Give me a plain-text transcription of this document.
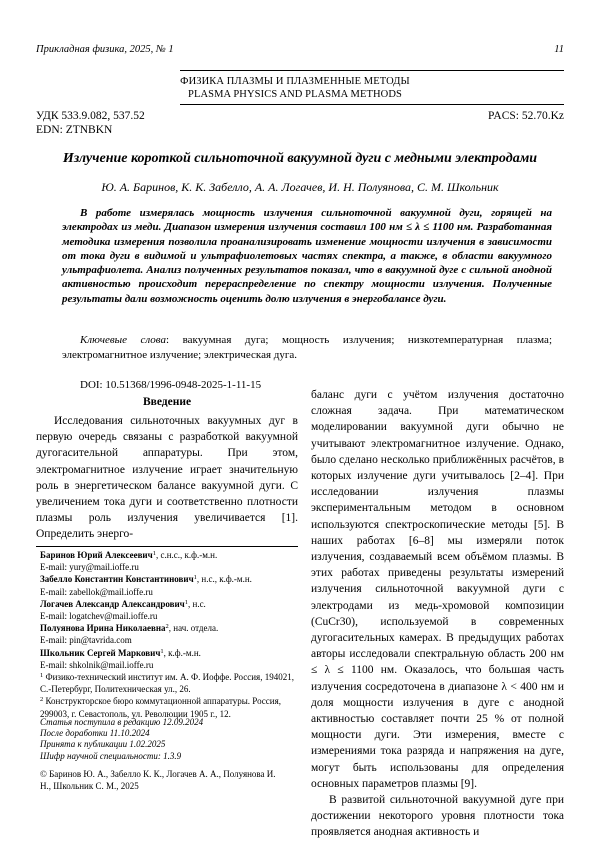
Прикладная физика, 2025, № 1	11
ФИЗИКА ПЛАЗМЫ И ПЛАЗМЕННЫЕ МЕТОДЫ
PLASMA PHYSICS AND PLASMA METHODS
УДК 533.9.082, 537.52
EDN: ZTNBKN
PACS: 52.70.Kz
Излучение короткой сильноточной вакуумной дуги с медными электродами
Ю. А. Баринов, К. К. Забелло, А. А. Логачев, И. Н. Полуянова, С. М. Школьник

В работе измерялась мощность излучения сильноточной вакуумной дуги, горящей на электродах из меди. Диапазон измерения излучения составил 100 нм ≤ λ ≤ 1100 нм. Разработанная методика измерения позволила проанализировать изменение мощности излучения в зависимости от тока дуги в видимой и ультрафиолетовых частях спектра, а также, в области вакуумного ультрафиолета. Анализ полученных результатов показал, что в вакуумной дуге с сильной анодной активностью происходит перераспределение по спектру мощности излучения. Полученные результаты дали возможность оценить долю излучения в энергобалансе дуги.

Ключевые слова: вакуумная дуга; мощность излучения; низкотемпературная плазма; электромагнитное излучение; электрическая дуга.

DOI: 10.51368/1996-0948-2025-1-11-15
Введение

Исследования сильноточных вакуумных дуг в первую очередь связаны с разработкой вакуумной дугогасительной аппаратуры. При этом, электромагнитное излучение играет значительную роль в энергетическом балансе вакуумной дуги. С увеличением тока дуги и соответственно плотности плазмы роль излучения увеличивается [1]. Определить энерго-

баланс дуги с учётом излучения достаточно сложная задача. При математическом моделировании вакуумной дуги обычно не учитывают электромагнитное излучение. Однако, было сделано несколько приближённых расчётов, в которых излучение дуги учитывалось [2–4]. При исследовании излучения плазмы экспериментальным методом в основном используются спектроскопические методы [5]. В наших работах [6–8] мы измеряли поток излучения, создаваемый всем объёмом плазмы. В этих работах приведены результаты измерений излучения сильноточной вакуумной дуги с электродами из медь-хромовой композиции (CuCr30), используемой в современных дугогасительных камерах. В предыдущих работах авторы исследовали спектральную область 200 нм ≤ λ ≤ 1100 нм. Оказалось, что большая часть излучения сосредоточена в диапазоне λ < 400 нм и доля мощности излучения в дуге с анодной активностью составляет почти 25 % от полной мощности дуги. Эти измерения, вместе с измерениями тока разряда и напряжения на дуге, могут быть использованы для определения основных параметров плазмы [9].

В развитой сильноточной вакуумной дуге при достижении некоторого уровня плотности тока проявляется анодная активность и

Баринов Юрий Алексеевич$^1$, с.н.с., к.ф.-м.н.
E-mail: yury@mail.ioffe.ru
Забелло Константин Константинович$^1$, н.с., к.ф.-м.н.
E-mail: zabellok@mail.ioffe.ru
Логачев Александр Александрович$^1$, н.с.
E-mail: logatchev@mail.ioffe.ru
Полуянова Ирина Николаевна$^2$, нач. отдела.
E-mail: pin@tavrida.com
Школьник Сергей Маркович$^1$, к.ф.-м.н.
E-mail: shkolnik@mail.ioffe.ru
$^1$ Физико-технический институт им. А. Ф. Иоффе. Россия, 194021, С.-Петербург, Политехническая ул., 26.
$^2$ Конструкторское бюро коммутационной аппаратуры. Россия, 299003, г. Севастополь, ул. Революции 1905 г., 12.
Статья поступила в редакцию 12.09.2024
После доработки 11.10.2024
Принята к публикации 1.02.2025
Шифр научной специальности: 1.3.9
© Баринов Ю. А., Забелло К. К., Логачев А. А., Полуянова И. Н., Школьник С. М., 2025
